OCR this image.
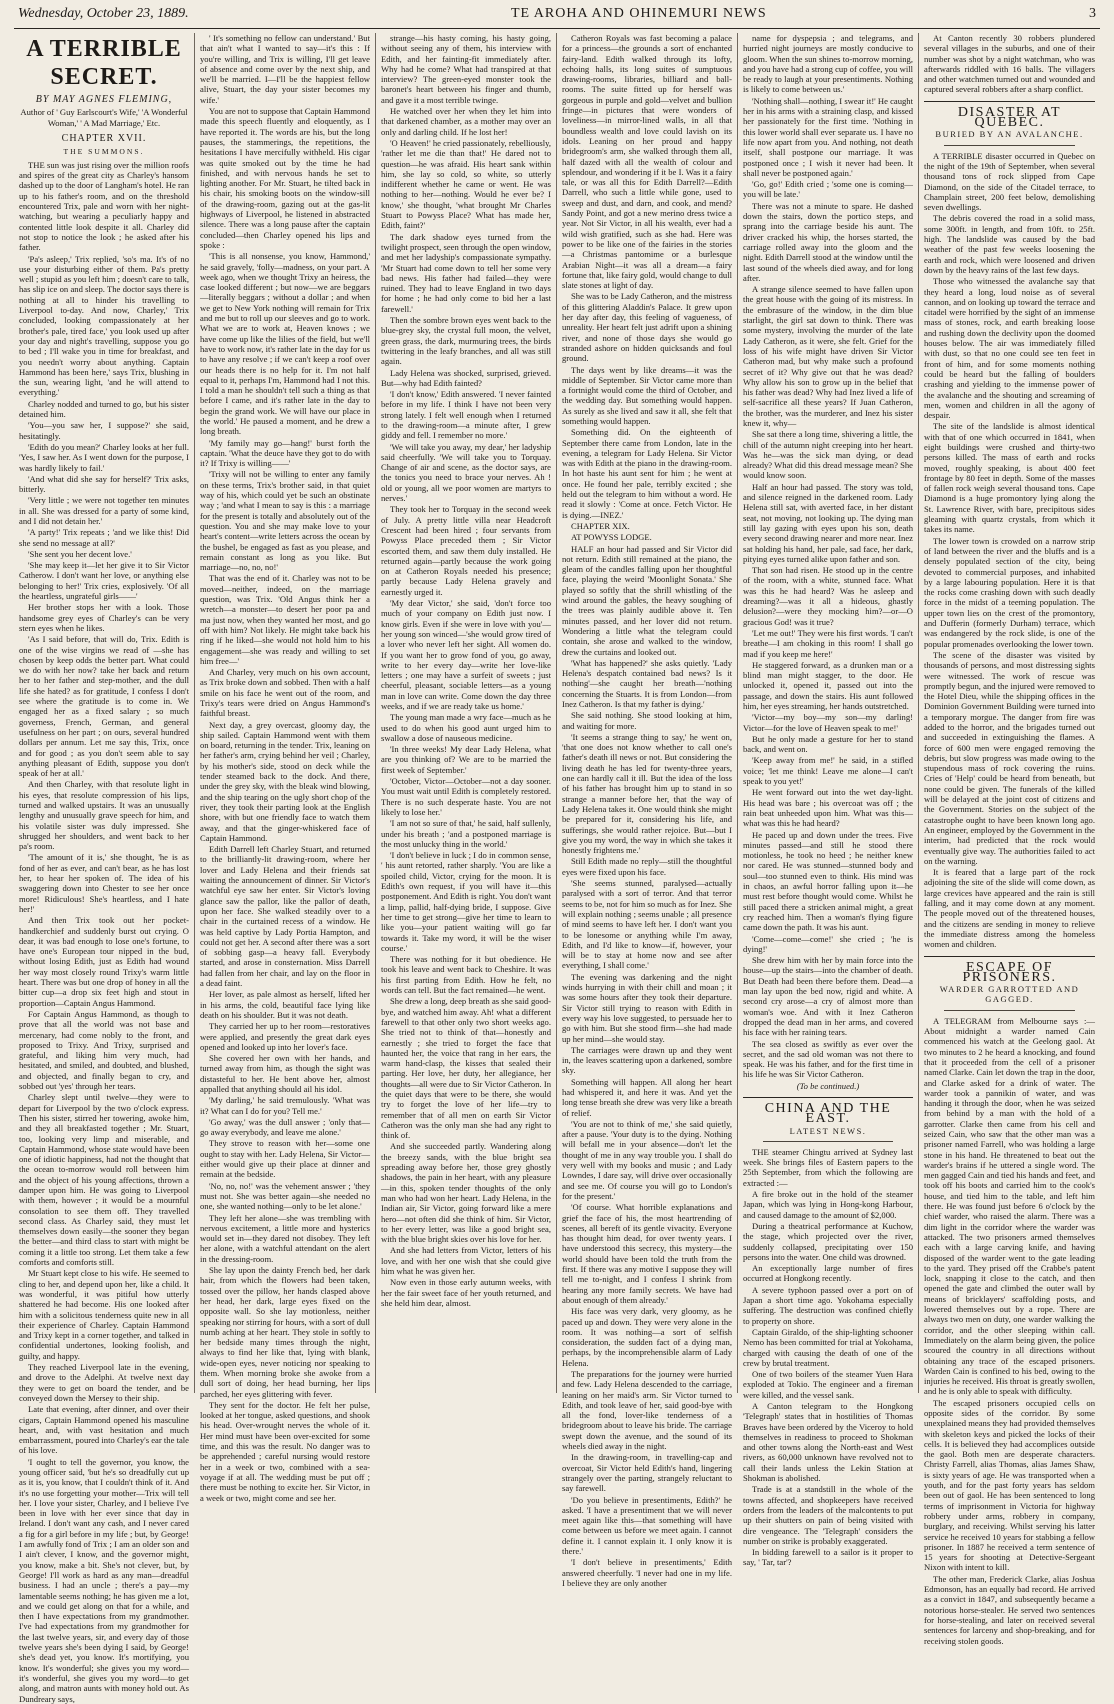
Wednesday, October 23, 1889.	TE AROHA AND OHINEMURI NEWS	3
A TERRIBLE SECRET.
BY MAY AGNES FLEMING,
Author of ' Guy Earlscourt's Wife,' 'A Wonderful Woman,' ' A Mad Marriage,' Etc.
CHAPTER XVII.
THE SUMMONS.

THE sun was just rising over the million roofs and spires of the great city as Charley's hansom dashed up to the door of Langham's hotel. He ran up to his father's room, and on the threshold encountered Trix, pale and worn with her night-watching, but wearing a peculiarly happy and contented little look despite it all. Charley did not stop to notice the look ; he asked after his father.

'Pa's asleep,' Trix replied, 'so's ma. It's of no use your disturbing either of them. Pa's pretty well ; stupid as you left him ; doesn't care to talk, has slip ice on and sleep. The doctor says there is nothing at all to hinder his travelling to Liverpool to-day. And now, Charley,' Trix concluded, looking compassionately at her brother's pale, tired face,' you look used up after your day and night's travelling, suppose you go to bed ; I'll wake you in time for breakfast, and you needn't worry about anything. Captain Hammond has been here,' says Trix, blushing in the sun, wearing light, 'and he will attend to everything.'

Charley nodded and turned to go, but his sister detained him.

'You—you saw her, I suppose?' she said, hesitatingly.

'Edith do you mean?' Charley looks at her full. 'Yes, I saw her. As I went down for the purpose, I was hardly likely to fail.'

'And what did she say for herself?' Trix asks, bitterly.

'Very little ; we were not together ten minutes in all. She was dressed for a party of some kind, and I did not detain her.'

'A party!' Trix repeats ; 'and we like this! Did she send no message at all?'

'She sent you her decent love.'

'She may keep it—let her give it to Sir Victor Catherow. I don't want her love, or anything else belonging to her!' Trix cries, explosively. 'Of all the heartless, ungrateful girls——'

Her brother stops her with a look. Those handsome grey eyes of Charley's can be very stern eyes when he likes.

'As I said before, that will do, Trix. Edith is one of the wise virgins we read of —she has chosen by keep odds the better part. What could we do with her now? take her back and return her to her father and step-mother, and the dull life she hated? as for gratitude, I confess I don't see where the gratitude is to come in. We engaged her as a fixed salary ; so much governess, French, German, and general usefulness on her part ; on ours, several hundred dollars per annum. Let me say this, Trix, once and for good ; as you don't seem able to say anything pleasant of Edith, suppose you don't speak of her at all.'

And then Charley, with that resolute light in his eyes, that resolute compression of his lips, turned and walked upstairs. It was an unusually lengthy and unusually grave speech for him, and his volatile sister was duly impressed. She shrugged her shoulders, and went back to her pa's room.

'The amount of it is,' she thought, 'he is as fond of her as ever, and can't bear, as he has lost her, to hear her spoken of. The idea of his swaggering down into Chester to see her once more! Ridiculous! She's heartless, and I hate her!'

And then Trix took out her pocket-handkerchief and suddenly burst out crying. O dear, it was bad enough to lose one's fortune, to have one's European tour nipped in the bud, without losing Edith, just as Edith had wound her way most closely round Trixy's warm little heart. There was but one drop of honey in all the bitter cup—a drop six feet high and stout in proportion—Captain Angus Hammond.

For Captain Angus Hammond, as though to prove that all the world was not base and mercenary, had come nobly to the front, and proposed to Trixy. And Trixy, surprised and grateful, and liking him very much, had hesitated, and smiled, and doubted, and blushed, and objected, and finally began to cry, and sobbed out 'yes' through her tears.

Charley slept until twelve—they were to depart for Liverpool by the two o'clock express. Then his sister, stirred her towering, awoke him, and they all breakfasted together ; Mr. Stuart, too, looking very limp and miserable, and Captain Hammond, whose state would have been one of idiotic happiness, had not the thought that the ocean to-morrow would roll between him and the object of his young affections, thrown a damper upon him. He was going to Liverpool with them, however ; it would be a mournful consolation to see them off. They travelled second class. As Charley said, they must let themselves down easily—the sooner they began the better—and third class to start with might be coming it a little too strong. Let them take a few comforts and comforts still.

Mr Stuart kept close to his wife. He seemed to cling to her, and depend upon her, like a child. It was wonderful, it was pitiful how utterly shattered he had become. His one looked after him with a solicitous tenderness quite new in all their experience of Charley. Captain Hammond and Trixy kept in a corner together, and talked in confidential undertones, looking foolish, and guilty, and happy.

They reached Liverpool late in the evening, and drove to the Adelphi. At twelve next day they were to get on board the tender, and be conveyed down the Mersey to their ship.

Late that evening, after dinner, and over their cigars, Captain Hammond opened his masculine heart, and, with vast hesitation and much embarrassment, poured into Charley's ear the tale of his love.

'I ought to tell the governor, you know, the young officer said, 'but he's so dreadfully cut up as it is, you know, that I couldn't think of it. And it's no use forgetting your mother—Trix will tell her. I love your sister, Charley, and I believe I've been in love with her ever since that day in Ireland. I don't want any cash, and I never cared a fig for a girl before in my life ; but, by George! I am awfully fond of Trix ; I am an older son and I ain't clever, I know, and the governor might, you know, make a bit. She's not clever, but, by George! I'll work as hard as any man—dreadful business. I had an uncle ; there's a pay—my lamentable seems nothing; he has given me a lot, and we could get along on that for a while, and then I have expectations from my grandmother. I've had expectations from my grandmother for the last twelve years, sir, and every day of those twelve years she's been dying I said, by George! she's dead yet, you know. It's mortifying, you know. It's wonderful; she gives you my word—it's wonderful, she gives you my word—to get along, and matron aunts with money hold out. As Dundreary says,

' It's something no fellow can understand.' But that ain't what I wanted to say—it's this : If you're willing, and Trix is willing, I'll get leave of absence and come over by the next ship, and we'll be married. I—I'll be the happiest fellow alive, Stuart, the day your sister becomes my wife.'

You are not to suppose that Captain Hammond made this speech fluently and eloquently, as I have reported it. The words are his, but the long pauses, the stammerings, the repetitions, the hesitations I have mercifully withheld. His cigar was quite smoked out by the time he had finished, and with nervous hands he set to lighting another. For Mr. Stuart, he tilted back in his chair, his smoking boots on the window-sill of the drawing-room, gazing out at the gas-lit highways of Liverpool, he listened in abstracted silence. There was a long pause after the captain concluded—then Charley opened his lips and spoke :

'This is all nonsense, you know, Hammond,' he said gravely, 'folly—madness, on your part. A week ago, when we thought Trixy an heiress, the case looked different ; but now—we are beggars—literally beggars ; without a dollar ; and when we get to New York nothing will remain for Trix and me but to roll up our sleeves and go to work. What we are to work at, Heaven knows ; we have come up like the lilies of the field, but we'll have to work now, it's rather late in the day for us to have any resolve ; if we can't keep a roof over our heads there is no help for it. I'm not half equal to it, perhaps I'm, Hammond had I not this. I told a man he shouldn't tell such a thing as that before I came, and it's rather late in the day to begin the grand work. We will have our place in the world.' He paused a moment, and he drew a long breath.

'My family may go—hang!' burst forth the captain. 'What the deuce have they got to do with it? If Trixy is willing——'

'Trixy will not be willing to enter any family on these terms, Trix's brother said, in that quiet way of his, which could yet be such an obstinate way ; 'and what I mean to say is this : a marriage for the present is totally and absolutely out of the question. You and she may make love to your heart's content—write letters across the ocean by the bushel, be engaged as fast as you please, and remain constant as long as you like. But marriage—no, no, no!'

That was the end of it. Charley was not to be moved—neither, indeed, on the marriage question, was Trix. 'Old Angus think her a wretch—a monster—to desert her poor pa and ma just now, when they wanted her most, and go off with him? Not likely. He might take back his ring if he liked—she would not hold him to his engagement—she was ready and willing to set him free—'

And Charley, very much on his own account, as Trix broke down and sobbed. Then with a half smile on his face he went out of the room, and Trixy's tears were dried on Angus Hammond's faithful breast.

Next day, a grey overcast, gloomy day, the ship sailed. Captain Hammond went with them on board, returning in the tender. Trix, leaning on her father's arm, crying behind her veil ; Charley, by his mother's side, stood on deck while the tender steamed back to the dock. And there, under the grey sky, with the bleak wind blowing, and the ship tearing on the ugly short chop of the river, they took their parting look at the English shore, with but one friendly face to watch them away, and that the ginger-whiskered face of Captain Hammond.

Edith Darrell left Charley Stuart, and returned to the brilliantly-lit drawing-room, where her lover and Lady Helena and their friends sat waiting the announcement of dinner. Sir Victor's watchful eye saw her enter. Sir Victor's loving glance saw the pallor, like the pallor of death, upon her face. She walked steadily over to a chair in the curtained recess of a window. He was held captive by Lady Portia Hampton, and could not get her. A second after there was a sort of sobbing gasp—a heavy fall. Everybody started, and arose in consternation. Miss Darrell had fallen from her chair, and lay on the floor in a dead faint.

Her lover, as pale almost as herself, lifted her in his arms, the cold, beautiful face lying like death on his shoulder. But it was not death.

They carried her up to her room—restoratives were applied, and presently the great dark eyes opened and looked up into her lover's face.

She covered her own with her hands, and turned away from him, as though the sight was distasteful to her. He bent above her, almost appalled that anything should ail his idol.

'My darling,' he said tremulously. 'What was it? What can I do for you? Tell me.'

'Go away,' was the dull answer ; 'only that—go away everybody, and leave me alone.'

They strove to reason with her—some one ought to stay with her. Lady Helena, Sir Victor—either would give up their place at dinner and remain at the bedside.

'No, no, no!' was the vehement answer ; 'they must not. She was better again—she needed no one, she wanted nothing—only to be let alone.'

They left her alone—she was trembling with nervous excitement, a little more and hysterics would set in—they dared not disobey. They left her alone, with a watchful attendant on the alert in the dressing-room.

She lay upon the dainty French bed, her dark hair, from which the flowers had been taken, tossed over the pillow, her hands clasped above her head, her dark, large eyes fixed on the opposite wall. So she lay motionless, neither speaking nor stirring for hours, with a sort of dull numb aching at her heart. They stole in softly to her bedside many times through the night, always to find her like that, lying with blank, wide-open eyes, never noticing nor speaking to them. When morning broke she awoke from a dull sort of doing, her head burning, her lips parched, her eyes glittering with fever.

They sent for the doctor. He felt her pulse, looked at her tongue, asked questions, and shook his head. Over-wrought nerves the whole of it. Her mind must have been over-excited for some time, and this was the result. No danger was to be apprehended ; careful nursing would restore her in a week or two, combined with a sea-voyage if at all. The wedding must be put off ; there must be nothing to excite her. Sir Victor, in a week or two, might come and see her.

strange—his hasty coming, his hasty going, without seeing any of them, his interview with Edith, and her fainting-fit immediately after. Why had he come? What had transpired at that interview? The green-eyed monster took the baronet's heart between his finger and thumb, and gave it a most terrible twinge.

He watched over her when they let him into that darkened chamber, as a mother may over an only and darling child. If he lost her!

'O Heaven!' he cried passionately, rebelliously, 'rather let me die than that!' He dared not to question—he was afraid. His heart sank within him, she lay so cold, so white, so utterly indifferent whether he came or went. He was nothing to her—nothing. Would he ever be? I know,' she thought, 'what brought Mr Charles Stuart to Powyss Place? What has made her, Edith, faint?'

The dark shadow eyes turned from the twilight prospect, seen through the open window, and met her ladyship's compassionate sympathy. 'Mr Stuart had come down to tell her some very bad news. His father had failed—they were ruined. They had to leave England in two days for home ; he had only come to bid her a last farewell.'

Then the sombre brown eyes went back to the blue-grey sky, the crystal full moon, the velvet, green grass, the dark, murmuring trees, the birds twittering in the leafy branches, and all was still again.

Lady Helena was shocked, surprised, grieved. But—why had Edith fainted?

'I don't know,' Edith answered. 'I never fainted before in my life. I think I have not been very strong lately. I felt well enough when I returned to the drawing-room—a minute after, I grew giddy and fell. I remember no more.'

'We will take you away, my dear,' her ladyship said cheerfully. 'We will take you to Torquay. Change of air and scene, as the doctor says, are the tonics you need to brace your nerves. Ah ! old or young, all we poor women are martyrs to nerves.'

They took her to Torquay in the second week of July. A pretty little villa near Headcroft Crescent had been hired ; four servants from Powyss Place preceded them ; Sir Victor escorted them, and saw them duly installed. He returned again—partly because the work going on at Catheron Royals needed his presence; partly because Lady Helena gravely and earnestly urged it.

'My dear Victor,' she said, 'don't force too much of your company on Edith just now. I know girls. Even if she were in love with you'—her young son winced—'she would grow tired of a lover who never left her sight. All women do. If you want her to grow fond of you, go away, write to her every day—write her love-like letters ; one may have a surfeit of sweets ; just cheerful, pleasant, sociable letters—as a young man in love can write. Come down the day three weeks, and if we are ready take us home.'

The young man made a wry face—much as he used to do when his good aunt urged him to swallow a dose of nauseous medicine.

'In three weeks! My dear Lady Helena, what are you thinking of? We are to be married the first week of September.'

'October, Victor—October—not a day sooner. You must wait until Edith is completely restored. There is no such desperate haste. You are not likely to lose her.'

'I am not so sure of that,' he said, half sullenly, under his breath ; 'and a postponed marriage is the most unlucky thing in the world.'

'I don't believe in luck ; I do in common sense, ' his aunt retorted, rather sharply. 'You are like a spoiled child, Victor, crying for the moon. It is Edith's own request, if you will have it—this postponement. And Edith is right. You don't want a limp, pallid, half-dying bride, I suppose. Give her time to get strong—give her time to learn to like you—your patient waiting will go far towards it. Take my word, it will be the wiser course.'

There was nothing for it but obedience. He took his leave and went back to Cheshire. It was his first parting from Edith. How he felt, no words can tell. But the fact remained—he went.

She drew a long, deep breath as she said good-bye, and watched him away. Ah! what a different farewell to that other only two short weeks ago. She tried not to think of that—honestly and earnestly ; she tried to forget the face that haunted her, the voice that rang in her ears, the warm hand-clasp, the kisses that sealed their parting. Her love, her duty, her allegiance, her thoughts—all were due to Sir Victor Catheron. In the quiet days that were to be there, she would try to forget the love of her life—try to remember that of all men on earth Sir Victor Catheron was the only man she had any right to think of.

And she succeeded partly. Wandering along the breezy sands, with the blue bright sea spreading away before her, those grey ghostly shadows, the pain in her heart, with any pleasure—in this, spoken tender thoughts of the only man who had won her heart. Lady Helena, in the Indian air, Sir Victor, going forward like a mere hero—not often did she think of him. Sir Victor, to her every letter, was like a good bright sea, with the blue bright skies over his love for her.

And she had letters from Victor, letters of his love, and with her one wish that she could give him what he was given her.

Now even in those early autumn weeks, with her the fair sweet face of her youth returned, and she held him dear, almost.

Catheron Royals was fast becoming a palace for a princess—the grounds a sort of enchanted fairy-land. Edith walked through its lofty, echoing halls, its long suites of sumptuous drawing-rooms, libraries, billiard and ball-rooms. The suite fitted up for herself was gorgeous in purple and gold—velvet and bullion fringe—in pictures that were wonders of loveliness—in mirror-lined walls, in all that boundless wealth and love could lavish on its idols. Leaning on her proud and happy bridegroom's arm, she walked through them all, half dazed with all the wealth of colour and splendour, and wondering if it be I. Was it a fairy tale, or was all this for Edith Darrell?—Edith Darrell, who such a little while gone, used to sweep and dust, and darn, and cook, and mend? Sandy Point, and got a new merino dress twice a year. Not Sir Victor, in all his wealth, ever had a wild wish gratified, such as she had. Here was power to be like one of the fairies in the stories—a Christmas pantomime or a burlesque Arabian Night—it was all a dream—a fairy fortune that, like fairy gold, would change to dull slate stones at light of day.

She was to be Lady Catheron, and the mistress of this glittering Aladdin's Palace. It grew upon her day after day, this feeling of vagueness, of unreality. Her heart felt just adrift upon a shining river, and none of those days she would go stranded ashore on hidden quicksands and foul ground.

The days went by like dreams—it was the middle of September. Sir Victor came more than a fortnight would come the third of October, and the wedding day. But something would happen. As surely as she lived and saw it all, she felt that something would happen.

Something did. On the eighteenth of September there came from London, late in the evening, a telegram for Lady Helena. Sir Victor was with Edith at the piano in the drawing-room. In hot haste his aunt sent for him ; he went at once. He found her pale, terribly excited ; she held out the telegram to him without a word. He read it slowly : 'Come at once. Fetch Victor. He is dying.—INEZ.'

CHAPTER XIX.

AT POWYSS LODGE.

HALF an hour had passed and Sir Victor did not return. Edith still remained at the piano, the gleam of the candles falling upon her thoughtful face, playing the weird 'Moonlight Sonata.' She played so softly that the shrill whistling of the wind around the gables, the heavy soughing of the trees was plainly audible above it. Ten minutes passed, and her lover did not return. Wondering a little what the telegram could contain, she arose and walked to the window, drew the curtains and looked out.

'What has happened?' she asks quietly. 'Lady Helena's despatch contained bad news? Is it nothing'—she caught her breath—'nothing concerning the Stuarts. It is from London—from Inez Catheron. Is that my father is dying.'

She said nothing. She stood looking at him, and waiting for more.

'It seems a strange thing to say,' he went on, 'that one does not know whether to call one's father's death ill news or not. But considering the living death he has led for twenty-three years, one can hardly call it ill. But the idea of the loss of his father has brought him up to stand in so strange a manner before her, that the way of Lady Helena takes it. One would think she might be prepared for it, considering his life, and sufferings, she would rather rejoice. But—but I give you my word, the way in which she takes it honestly frightens me.'

Still Edith made no reply—still the thoughtful eyes were fixed upon his face.

'She seems stunned, paralysed—actually paralysed with a sort of terror. And that terror seems to be, not for him so much as for Inez. She will explain nothing ; seems unable ; all presence of mind seems to have left her. I don't want you to be lonesome or anything while I'm away, Edith, and I'd like to know—if, however, your will be to stay at home now and see after everything, I shall come.'

The evening was darkening and the night winds hurrying in with their chill and moan ; it was some hours after they took their departure. Sir Victor still trying to reason with Edith in every way his love suggested, to persuade her to go with him. But she stood firm—she had made up her mind—she would stay.

The carriages were drawn up and they went in, the leaves scattering upon a darkened, sombre sky.

Something will happen. All along her heart had whispered it, and here it was. And yet the long tense breath she drew was very like a breath of relief.

'You are not to think of me,' she said quietly, after a pause. 'Your duty is to the dying. Nothing will befall me in your absence—don't let the thought of me in any way trouble you. I shall do very well with my books and music ; and Lady Lowndes, I dare say, will drive over occasionally and see me. Of course you will go to London's for the present.'

'Of course. What horrible explanations and grief the face of his, the most heartrending of scenes, all bereft of its gentle vivacity. Everyone has thought him dead, for over twenty years. I have understood this secrecy, this mystery—the world should have been told the truth from the first. If there was any motive I suppose they will tell me to-night, and I confess I shrink from hearing any more family secrets. We have had about enough of them already.'

His face was very dark, very gloomy, as he paced up and down. They were very alone in the room. It was nothing—a sort of selfish consideration, the sudden fact of a dying man, perhaps, by the incomprehensible alarm of Lady Helena.

The preparations for the journey were hurried and few. Lady Helena descended to the carriage, leaning on her maid's arm. Sir Victor turned to Edith, and took leave of her, said good-bye with all the fond, lover-like tenderness of a bridegroom about to leave his bride. The carriage swept down the avenue, and the sound of its wheels died away in the night.

In the drawing-room, in travelling-cap and overcoat, Sir Victor held Edith's hand, lingering strangely over the parting, strangely reluctant to say farewell.

'Do you believe in presentiments, Edith?' he asked. 'I have a presentiment that we will never meet again like this—that something will have come between us before we meet again. I cannot define it. I cannot explain it. I only know it is there.'

'I don't believe in presentiments,' Edith answered cheerfully. 'I never had one in my life. I believe they are only another

name for dyspepsia ; and telegrams, and hurried night journeys are mostly conducive to gloom. When the sun shines to-morrow morning, and you have had a strong cup of coffee, you will be ready to laugh at your presentiments. Nothing is likely to come between us.'

'Nothing shall—nothing, I swear it!' He caught her in his arms with a straining clasp, and kissed her passionately for the first time. 'Nothing in this lower world shall ever separate us. I have no life now apart from you. And nothing, not death itself, shall postpone our marriage. It was postponed once ; I wish it never had been. It shall never be postponed again.'

'Go, go!' Edith cried ; 'some one is coming—you will be late.'

There was not a minute to spare. He dashed down the stairs, down the portico steps, and sprang into the carriage beside his aunt. The driver cracked his whip, the horses started, the carriage rolled away into the gloom and the night. Edith Darrell stood at the window until the last sound of the wheels died away, and for long after.

A strange silence seemed to have fallen upon the great house with the going of its mistress. In the embrasure of the window, in the dim blue starlight, the girl sat down to think. There was some mystery, involving the murder of the late Lady Catheron, as it were, she felt. Grief for the loss of his wife might have driven Sir Victor Catheron mad, but why make such a profound secret of it? Why give out that he was dead? Why allow his son to grow up in the belief that his father was dead? Why had Inez lived a life of self-sacrifice all these years? If Juan Catheron, the brother, was the murderer, and Inez his sister knew it, why—

She sat there a long time, shivering a little, the chill of the autumn night creeping into her heart. Was he—was the sick man dying, or dead already? What did this dread message mean? She would know soon.

Half an hour had passed. The story was told, and silence reigned in the darkened room. Lady Helena still sat, with averted face, in her distant seat, not moving, not looking up. The dying man still lay gazing with eyes upon his son, death every second drawing nearer and more near. Inez sat holding his hand, her pale, sad face, her dark, pitying eyes turned alike upon father and son.

That son had risen. He stood up in the centre of the room, with a white, stunned face. What was this he had heard? Was he asleep and dreaming?—was it all a hideous, ghastly delusion?—were they mocking him?—or—O gracious God! was it true?

'Let me out!' They were his first words. 'I can't breathe—I am choking in this room! I shall go mad if you keep me here!'

He staggered forward, as a drunken man or a blind man might stagger, to the door. He unlocked it, opened it, passed out into the passage, and down the stairs. His aunt followed him, her eyes streaming, her hands outstretched.

'Victor—my boy—my son—my darling! Victor—for the love of Heaven speak to me!'

But he only made a gesture for her to stand back, and went on.

'Keep away from me!' he said, in a stifled voice; 'let me think! Leave me alone—I can't speak to you yet!'

He went forward out into the wet day-light. His head was bare ; his overcoat was off ; the rain beat unheeded upon him. What was this—what was this he had heard?

He paced up and down under the trees. Five minutes passed—and still he stood there motionless, he took no heed ; he neither knew nor cared. He was stunned—stunned body and soul—too stunned even to think. His mind was in chaos, an awful horror falling upon it—he must rest before thought would come. Whilst he still paced there a stricken animal might, a great cry reached him. Then a woman's flying figure came down the path. It was his aunt.

'Come—come—come!' she cried ; 'he is dying!'

She drew him with her by main force into the house—up the stairs—into the chamber of death. But Death had been there before them. Dead—a man lay upon the bed now, rigid and white. A second cry arose—a cry of almost more than woman's woe. And with it Inez Catheron dropped the dead man in her arms, and covered his face with her raining tears.

The sea closed as swiftly as ever over the secret, and the sad old woman was not there to speak. He was his father, and for the first time in his life he was Sir Victor Catheron.

(To be continued.)

CHINA AND THE EAST.
LATEST NEWS.

THE steamer Chingtu arrived at Sydney last week. She brings files of Eastern papers to the 25th September, from which the following are extracted :—

A fire broke out in the hold of the steamer Japan, which was lying in Hong-kong Harbour, and caused damage to the amount of $2,000.

During a theatrical performance at Kuchow, the stage, which projected over the river, suddenly collapsed, precipitating over 150 persons into the water. One child was drowned.

An exceptionally large number of fires occurred at Hongkong recently.

A severe typhoon passed over a port on of Japan a short time ago. Yokohama especially suffering. The destruction was confined chiefly to property on shore.

Captain Giraldo, of the ship-lighting schooner Nemo has been committed for trial at Yokohama, charged with causing the death of one of the crew by brutal treatment.

One of two boilers of the steamer Yuen Hara exploded at Tokio. The engineer and a fireman were killed, and the vessel sank.

A Canton telegram to the Hongkong 'Telegraph' states that in hostilities of Thomas Braves have been ordered by the Viceroy to hold themselves in readiness to proceed to Shokman and other towns along the North-east and West rivers, as 60,000 unknown have revolved not to call their lands unless the Lekin Station at Shokman is abolished.

Trade is at a standstill in the whole of the towns affected, and shopkeepers have received orders from the leaders of the malcontents to put up their shutters on pain of being visited with dire vengeance. The 'Telegraph' considers the number on strike is probably exaggerated.

In bidding farewell to a sailor is it proper to say, ' Tar, tar'?

At Canton recently 30 robbers plundered several villages in the suburbs, and one of their number was shot by a night watchman, who was afterwards riddled with 16 balls. The villagers and other watchmen turned out and wounded and captured several robbers after a sharp conflict.

DISASTER AT QUEBEC.
BURIED BY AN AVALANCHE.

A TERRIBLE disaster occurred in Quebec on the night of the 19th of September, when several thousand tons of rock slipped from Cape Diamond, on the side of the Citadel terrace, to Champlain street, 200 feet below, demolishing seven dwellings.

The debris covered the road in a solid mass, some 300ft. in length, and from 10ft. to 25ft. high. The landslide was caused by the bad weather of the past few weeks loosening the earth and rock, which were loosened and driven down by the heavy rains of the last few days.

Those who witnessed the avalanche say that they heard a long, loud noise as of several cannon, and on looking up toward the terrace and citadel were horrified by the sight of an immense mass of stones, rock, and earth breaking loose and rushing down the declivity upon the doomed houses below. The air was immediately filled with dust, so that no one could see ten feet in front of him, and for some moments nothing could be heard but the falling of boulders crashing and yielding to the immense power of the avalanche and the shouting and screaming of men, women and children in all the agony of despair.

The site of the landslide is almost identical with that of one which occurred in 1841, when eight buildings were crushed and thirty-two persons killed. The mass of earth and rocks moved, roughly speaking, is about 400 feet frontage by 80 feet in depth. Some of the masses of fallen rock weigh several thousand tons. Cape Diamond is a huge promontory lying along the St. Lawrence River, with bare, precipitous sides gleaming with quartz crystals, from which it takes its name.

The lower town is crowded on a narrow strip of land between the river and the bluffs and is a densely populated section of the city, being devoted to commercial purposes, and inhabited by a large labouring population. Here it is that the rocks come crashing down with such deadly force in the midst of a teeming population. The upper town lies on the crest of the promontory, and Dufferin (formerly Durham) terrace, which was endangered by the rock slide, is one of the popular promenades overlooking the lower town.

The scene of the disaster was visited by thousands of persons, and most distressing sights were witnessed. The work of rescue was promptly begun, and the injured were removed to the Hotel Dieu, while the shipping offices in the Dominion Government Building were turned into a temporary morgue. The danger from fire was added to the horror, and the brigades turned out and succeeded in extinguishing the flames. A force of 600 men were engaged removing the debris, but slow progress was made owing to the stupendous mass of rock covering the ruins. Cries of 'Help' could be heard from beneath, but none could be given. The funerals of the killed will be delayed at the joint cost of citizens and the Government. Stories on the subject of the catastrophe ought to have been known long ago. An engineer, employed by the Government in the interim, had predicted that the rock would eventually give way. The authorities failed to act on the warning.

It is feared that a large part of the rock adjoining the site of the slide will come down, as large crevices have appeared and the rain is still falling, and it may come down at any moment. The people moved out of the threatened houses, and the citizens are sending in money to relieve the immediate distress among the homeless women and children.

ESCAPE OF PRISONERS.
WARDER GARROTTED AND GAGGED.

A TELEGRAM from Melbourne says :—About midnight a warder named Cain commenced his watch at the Geelong gaol. At two minutes to 2 he heard a knocking, and found that it proceeded from the cell of a prisoner named Clarke. Cain let down the trap in the door, and Clarke asked for a drink of water. The warder took a pannikin of water, and was handing it through the door, when he was seized from behind by a man with the hold of a garrotter. Clarke then came from his cell and seized Cain, who saw that the other man was a prisoner named Farrell, who was holding a large stone in his hand. He threatened to beat out the warder's brains if he uttered a single word. The men gagged Cain and tied his hands and feet, and took off his boots and carried him to the cook's house, and tied him to the table, and left him there. He was found just before 6 o'clock by the chief warder, who raised the alarm. There was a dim light in the corridor where the warder was attacked. The two prisoners armed themselves each with a large carving knife, and having disposed of the warder went to the gate leading to the yard. They prised off the Crabbe's patent lock, snapping it close to the catch, and then opened the gate and climbed the outer wall by means of bricklayers' scaffolding posts, and lowered themselves out by a rope. There are always two men on duty, one warder walking the corridor, and the other sleeping within call. Immediately on the alarm being given, the police scoured the country in all directions without obtaining any trace of the escaped prisoners. Warden Cain is confined to his bed, owing to the injuries he received. His throat is greatly swollen, and he is only able to speak with difficulty.

The escaped prisoners occupied cells on opposite sides of the corridor. By some unexplained means they had provided themselves with skeleton keys and picked the locks of their cells. It is believed they had accomplices outside the gaol. Both men are desperate characters. Christy Farrell, alias Thomas, alias James Shaw, is sixty years of age. He was transported when a youth, and for the past forty years has seldom been out of gaol. He has been sentenced to long terms of imprisonment in Victoria for highway robbery under arms, robbery in company, burglary, and receiving. Whilst serving his latter service he received 10 years for stabbing a fellow prisoner. In 1887 he received a term sentence of 15 years for shooting at Detective-Sergeant Nixon with intent to kill.

The other man, Frederick Clarke, alias Joshua Edmonson, has an equally bad record. He arrived as a convict in 1847, and subsequently became a notorious horse-stealer. He served two sentences for horse-stealing, and later on received several sentences for larceny and shop-breaking, and for receiving stolen goods.
